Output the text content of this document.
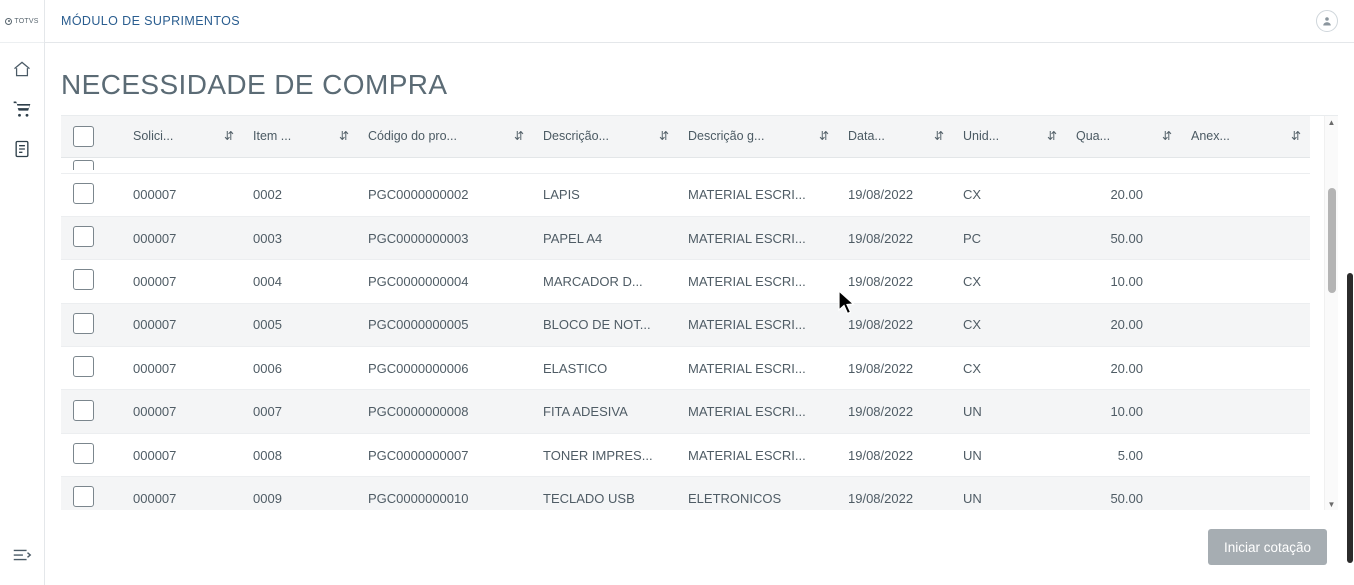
TOTVS MÓDULO DE SUPRIMENTOS
NECESSIDADE DE COMPRA

	Solici... ⇵	Item ... ⇵	Código do pro... ⇵	Descrição... ⇵	Descrição g... ⇵	Data... ⇵	Unid... ⇵	Qua... ⇵	Anex... ⇵

	000007	0002	PGC0000000002	LAPIS	MATERIAL ESCRI...	19/08/2022	CX	20.00	
	000007	0003	PGC0000000003	PAPEL A4	MATERIAL ESCRI...	19/08/2022	PC	50.00	
	000007	0004	PGC0000000004	MARCADOR D...	MATERIAL ESCRI...	19/08/2022	CX	10.00	
	000007	0005	PGC0000000005	BLOCO DE NOT...	MATERIAL ESCRI...	19/08/2022	CX	20.00	
	000007	0006	PGC0000000006	ELASTICO	MATERIAL ESCRI...	19/08/2022	CX	20.00	
	000007	0007	PGC0000000008	FITA ADESIVA	MATERIAL ESCRI...	19/08/2022	UN	10.00	
	000007	0008	PGC0000000007	TONER IMPRES...	MATERIAL ESCRI...	19/08/2022	UN	5.00	
	000007	0009	PGC0000000010	TECLADO USB	ELETRONICOS	19/08/2022	UN	50.00	
▲
▼
Iniciar cotação
